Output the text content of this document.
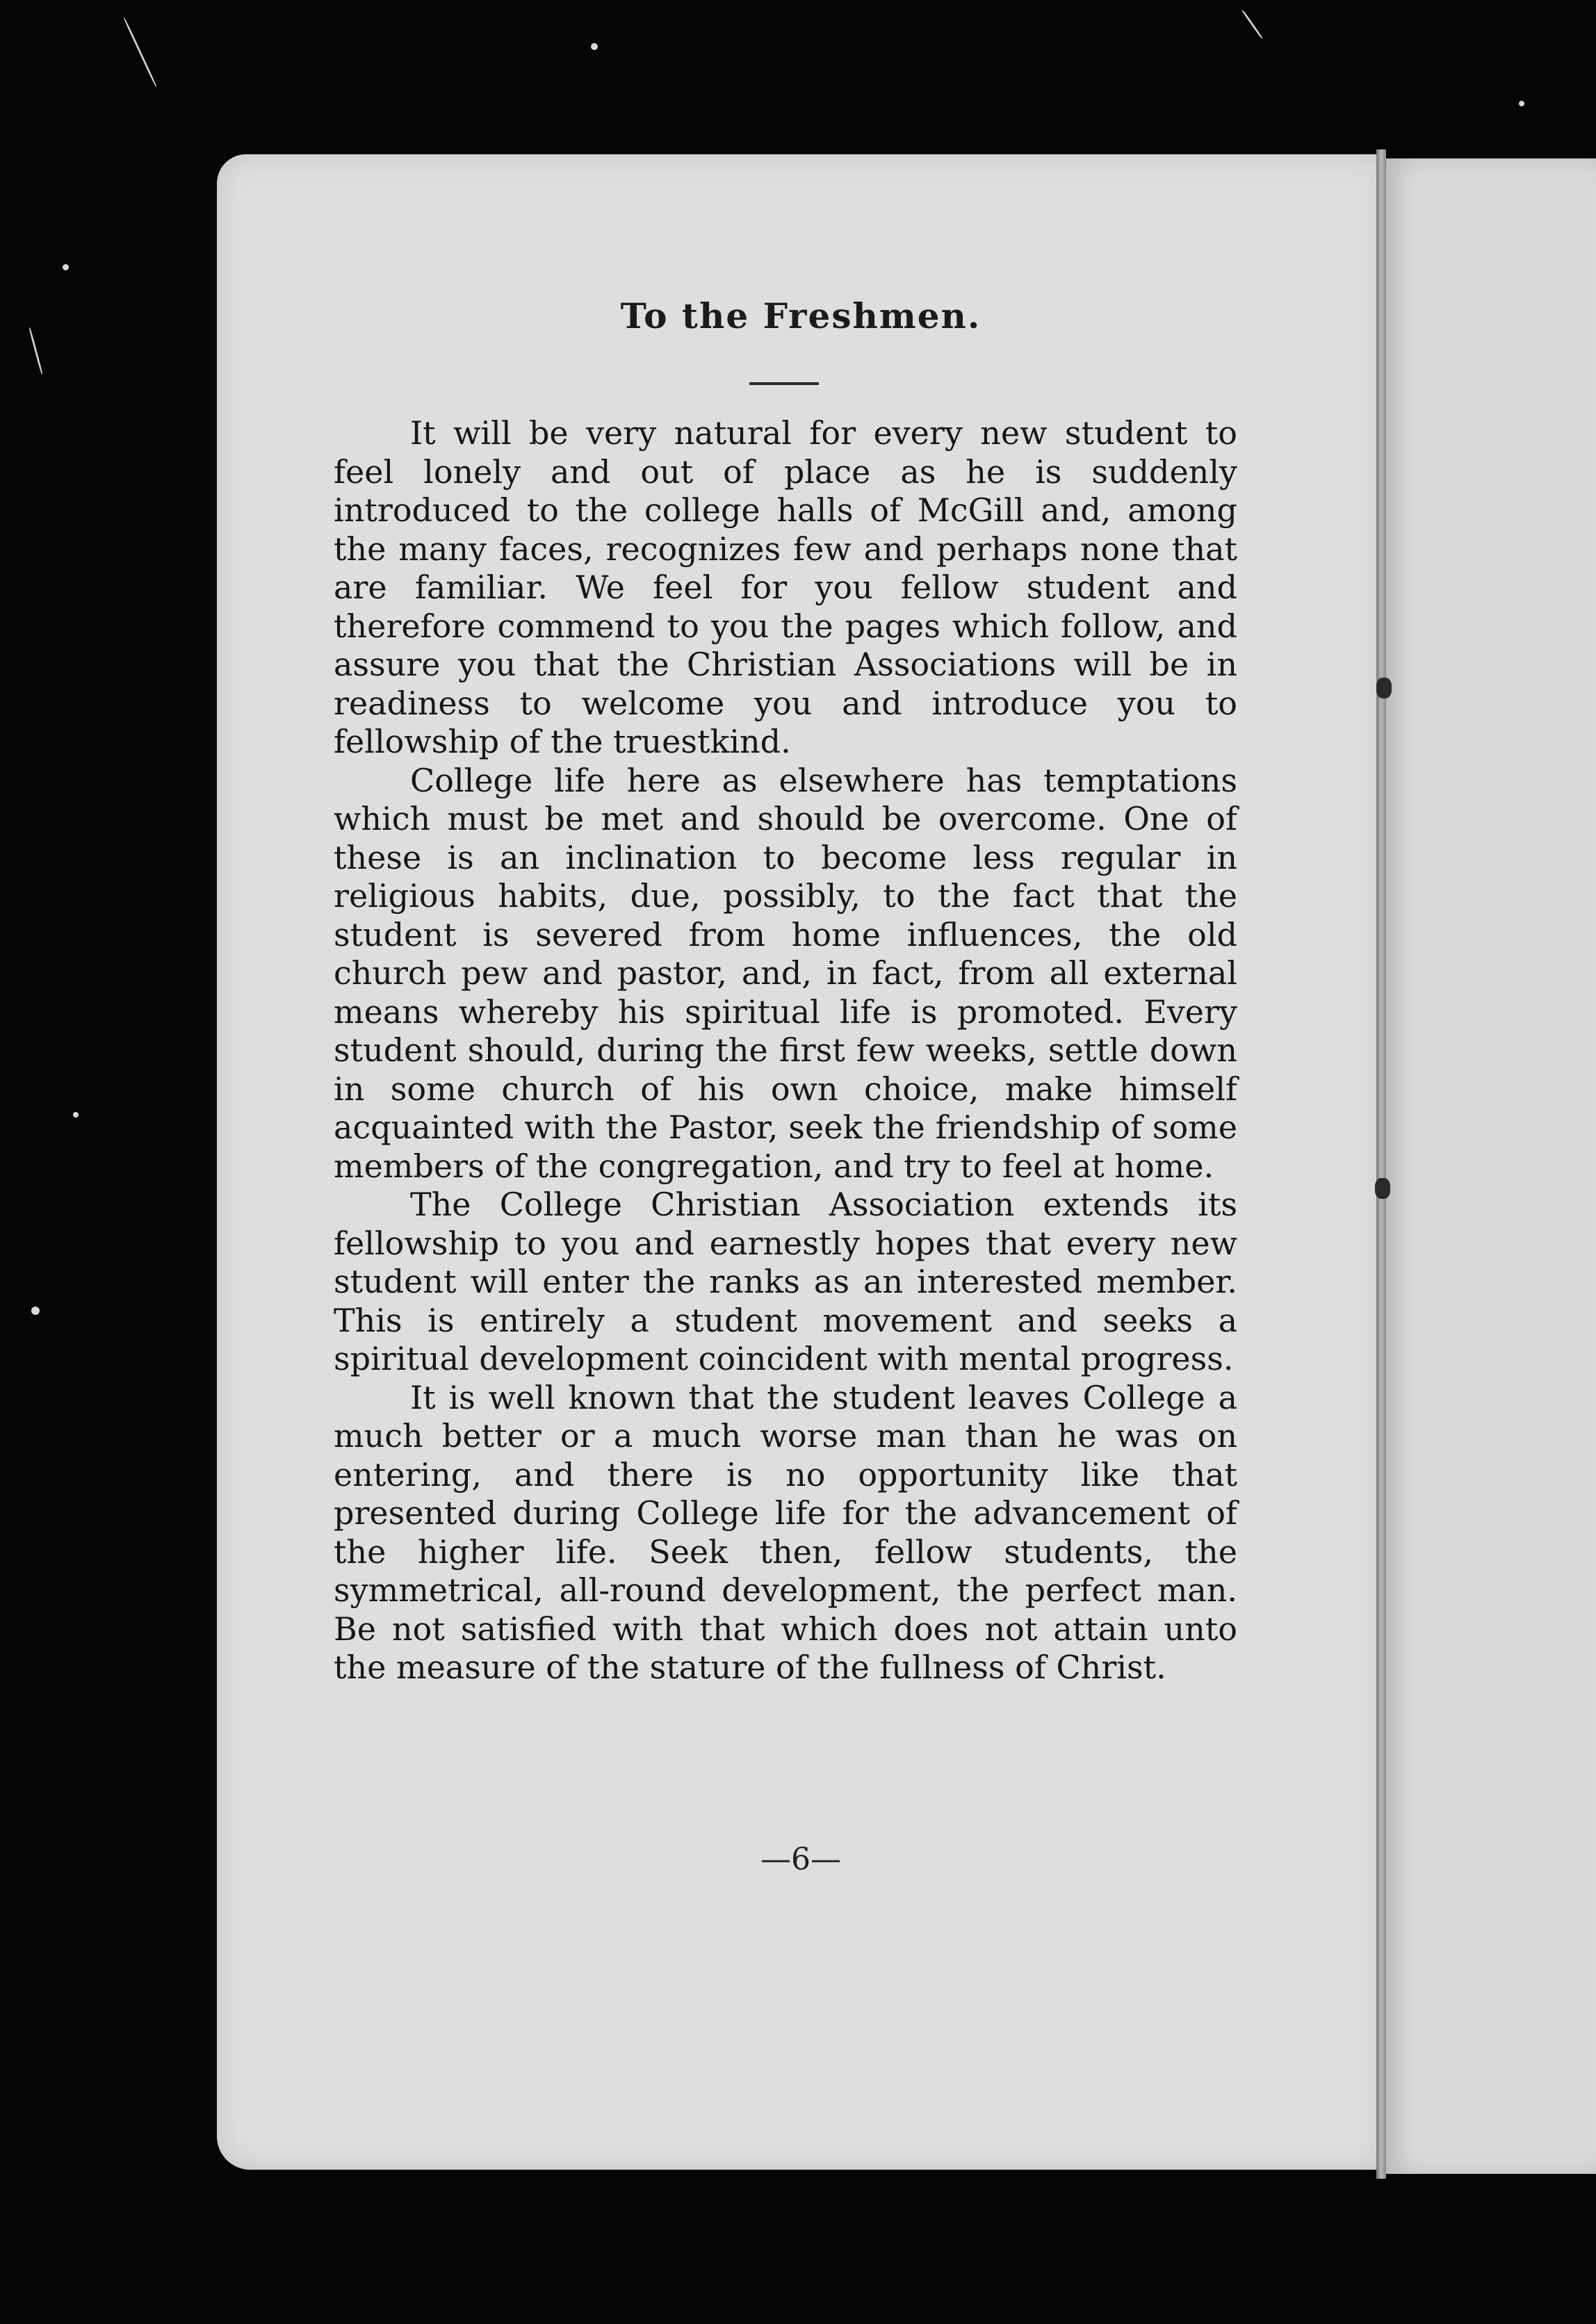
To the Freshmen.

It will be very natural for every new student to feel lonely and out of place as he is suddenly introduced to the college halls of McGill and, among the many faces, recognizes few and perhaps none that are familiar. We feel for you fellow student and therefore commend to you the pages which follow, and assure you that the Christian Associations will be in readiness to welcome you and introduce you to fellowship of the truestkind.

College life here as elsewhere has temptations which must be met and should be overcome. One of these is an inclination to become less regular in religious habits, due, possibly, to the fact that the student is severed from home influences, the old church pew and pastor, and, in fact, from all external means whereby his spiritual life is promoted. Every student should, during the first few weeks, settle down in some church of his own choice, make himself acquainted with the Pastor, seek the friendship of some members of the congregation, and try to feel at home.

The College Christian Association extends its fellowship to you and earnestly hopes that every new student will enter the ranks as an interested member. This is entirely a student movement and seeks a spiritual development coincident with mental progress.

It is well known that the student leaves College a much better or a much worse man than he was on entering, and there is no opportunity like that presented during College life for the advancement of the higher life. Seek then, fellow students, the symmetrical, all-round development, the perfect man. Be not satisfied with that which does not attain unto the measure of the stature of the fullness of Christ.

—6—
